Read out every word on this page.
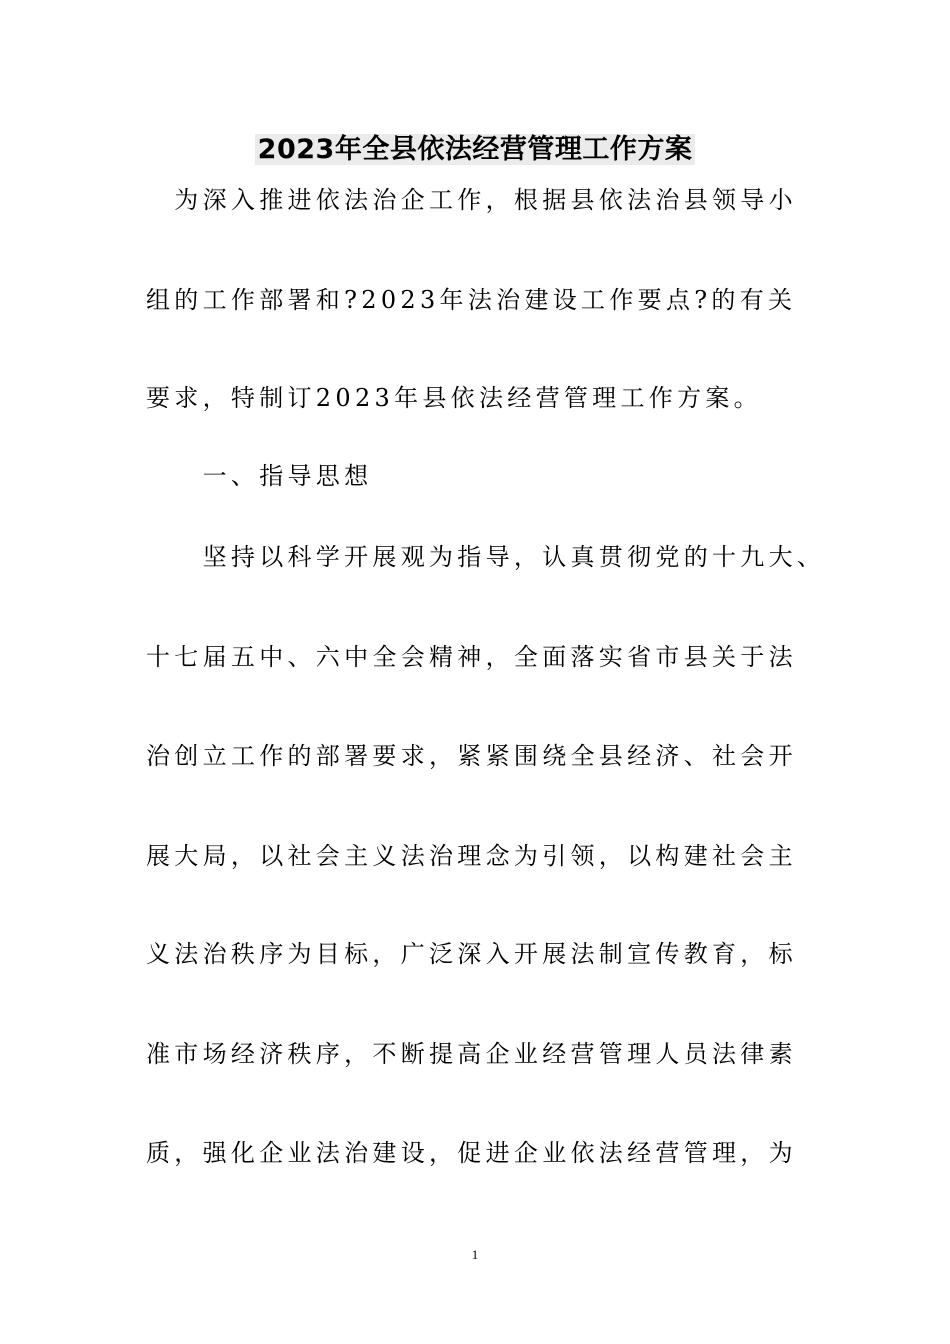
2023年全县依法经营管理工作方案
　为深入推进依法治企工作，根据县依法治县领导小
组的工作部署和?2023年法治建设工作要点?的有关
要求，特制订2023年县依法经营管理工作方案。
　　一、指导思想
　　坚持以科学开展观为指导，认真贯彻党的十九大、
十七届五中、六中全会精神，全面落实省市县关于法
治创立工作的部署要求，紧紧围绕全县经济、社会开
展大局，以社会主义法治理念为引领，以构建社会主
义法治秩序为目标，广泛深入开展法制宣传教育，标
准市场经济秩序，不断提高企业经营管理人员法律素
质，强化企业法治建设，促进企业依法经营管理，为
1
